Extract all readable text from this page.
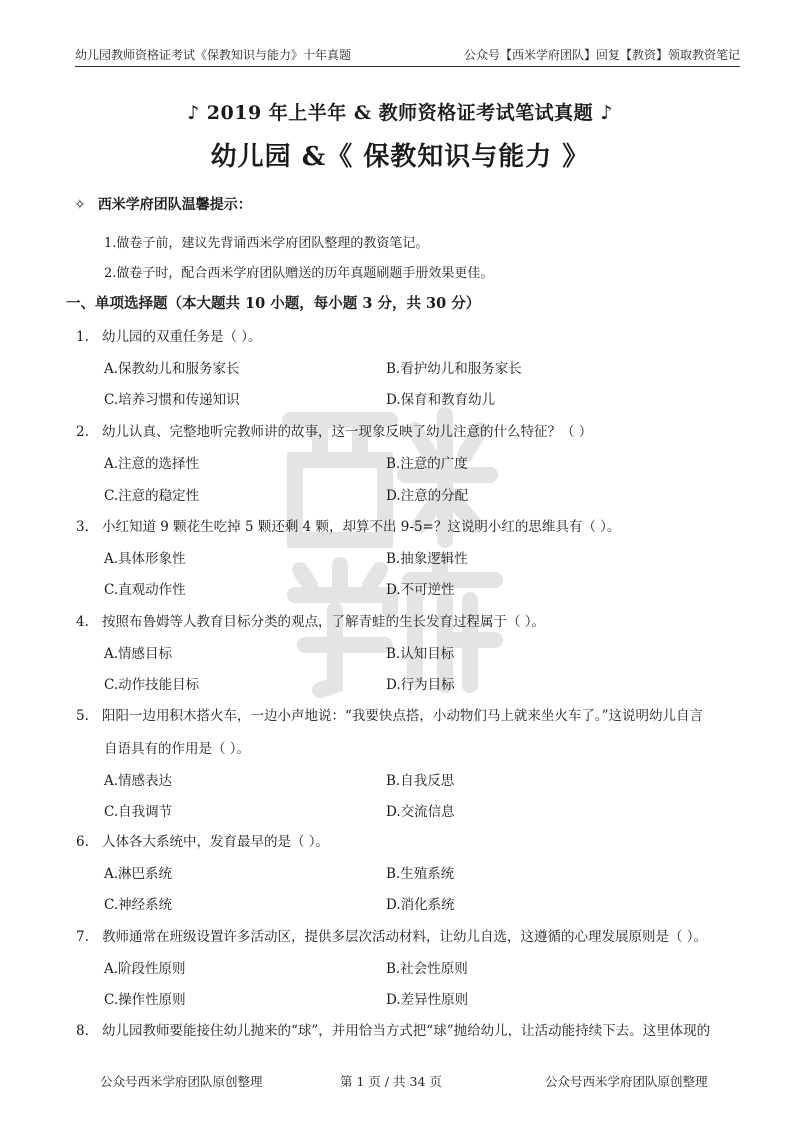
幼儿园教师资格证考试《保教知识与能力》十年真题	公众号【西米学府团队】回复【教资】领取教资笔记
♪ 2019 年上半年 & 教师资格证考试笔试真题 ♪
幼儿园 &《 保教知识与能力 》
✧ 西米学府团队温馨提示：
1.做卷子前，建议先背诵西米学府团队整理的教资笔记。
2.做卷子时，配合西米学府团队赠送的历年真题刷题手册效果更佳。
一、单项选择题（本大题共 10 小题，每小题 3 分，共 30 分）
1. 幼儿园的双重任务是（ ）。
A.保教幼儿和服务家长	B.看护幼儿和服务家长
C.培养习惯和传递知识	D.保育和教育幼儿
2. 幼儿认真、完整地听完教师讲的故事，这一现象反映了幼儿注意的什么特征？（ ）
A.注意的选择性	B.注意的广度
C.注意的稳定性	D.注意的分配
3. 小红知道 9 颗花生吃掉 5 颗还剩 4 颗，却算不出 9-5=？这说明小红的思维具有（ ）。
A.具体形象性	B.抽象逻辑性
C.直观动作性	D.不可逆性
4. 按照布鲁姆等人教育目标分类的观点，了解青蛙的生长发育过程属于（ ）。
A.情感目标	B.认知目标
C.动作技能目标	D.行为目标
5. 阳阳一边用积木搭火车，一边小声地说：“我要快点搭，小动物们马上就来坐火车了。”这说明幼儿自言
自语具有的作用是（ ）。
A.情感表达	B.自我反思
C.自我调节	D.交流信息
6. 人体各大系统中，发育最早的是（ ）。
A.淋巴系统	B.生殖系统
C.神经系统	D.消化系统
7. 教师通常在班级设置许多活动区，提供多层次活动材料，让幼儿自选，这遵循的心理发展原则是（ ）。
A.阶段性原则	B.社会性原则
C.操作性原则	D.差异性原则
8. 幼儿园教师要能接住幼儿抛来的“球”，并用恰当方式把“球”抛给幼儿，让活动能持续下去。这里体现的
公众号西米学府团队原创整理	第 1 页 / 共 34 页	公众号西米学府团队原创整理
